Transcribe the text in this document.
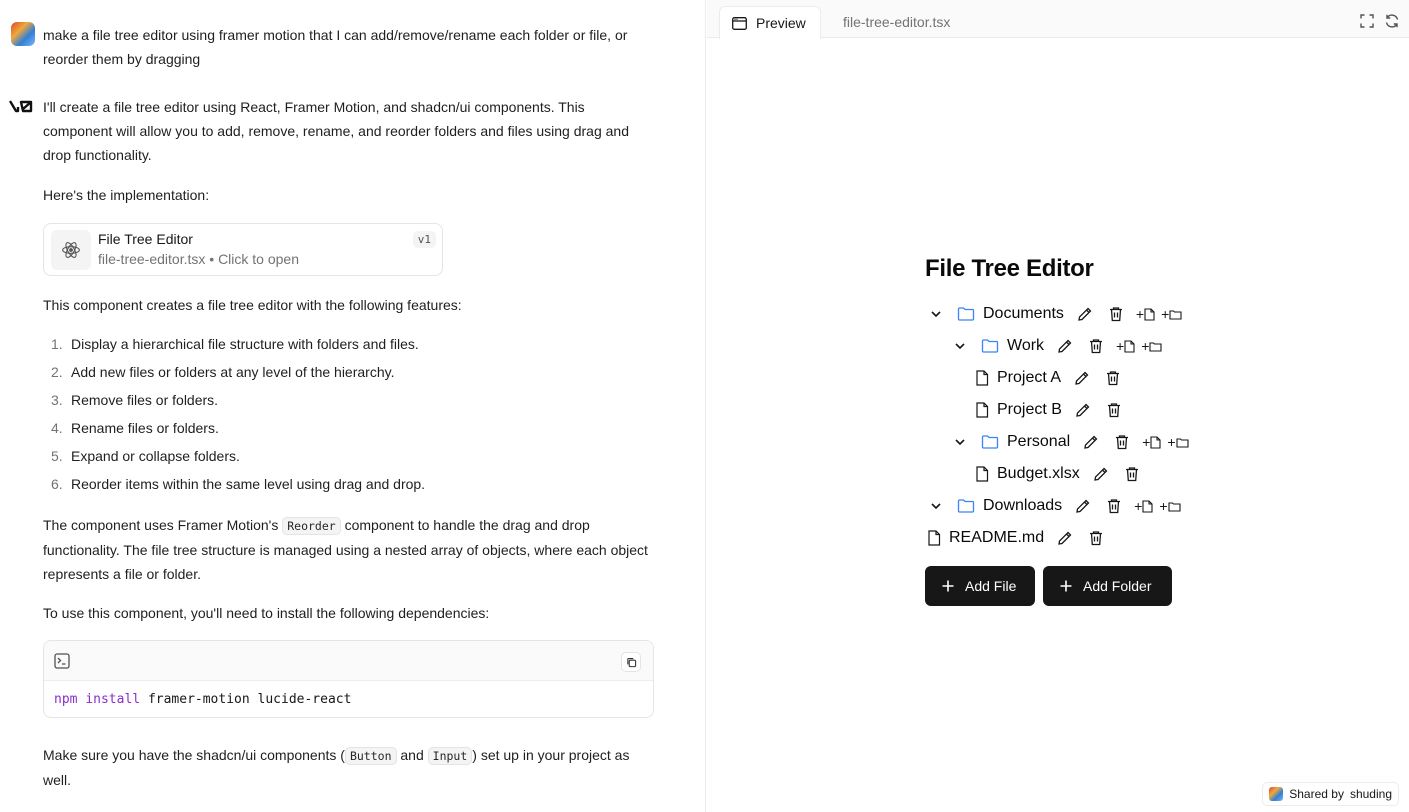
make a file tree editor using framer motion that I can add/remove/rename each folder or file, or reorder them by dragging
I'll create a file tree editor using React, Framer Motion, and shadcn/ui components. This component will allow you to add, remove, rename, and reorder folders and files using drag and drop functionality.
Here's the implementation:
File Tree Editor
file-tree-editor.tsx • Click to open
v1
This component creates a file tree editor with the following features:
1. Display a hierarchical file structure with folders and files.
2. Add new files or folders at any level of the hierarchy.
3. Remove files or folders.
4. Rename files or folders.
5. Expand or collapse folders.
6. Reorder items within the same level using drag and drop.
The component uses Framer Motion's Reorder component to handle the drag and drop functionality. The file tree structure is managed using a nested array of objects, where each object represents a file or folder.
To use this component, you'll need to install the following dependencies:
npm install framer-motion lucide-react
Make sure you have the shadcn/ui components ( Button and Input ) set up in your project as well.
Preview	file-tree-editor.tsx
File Tree Editor
Documents	+ +
Work	+ +
Project A
Project B
Personal	+ +
Budget.xlsx
Downloads	+ +
README.md
Add File	Add Folder
Shared by shuding
